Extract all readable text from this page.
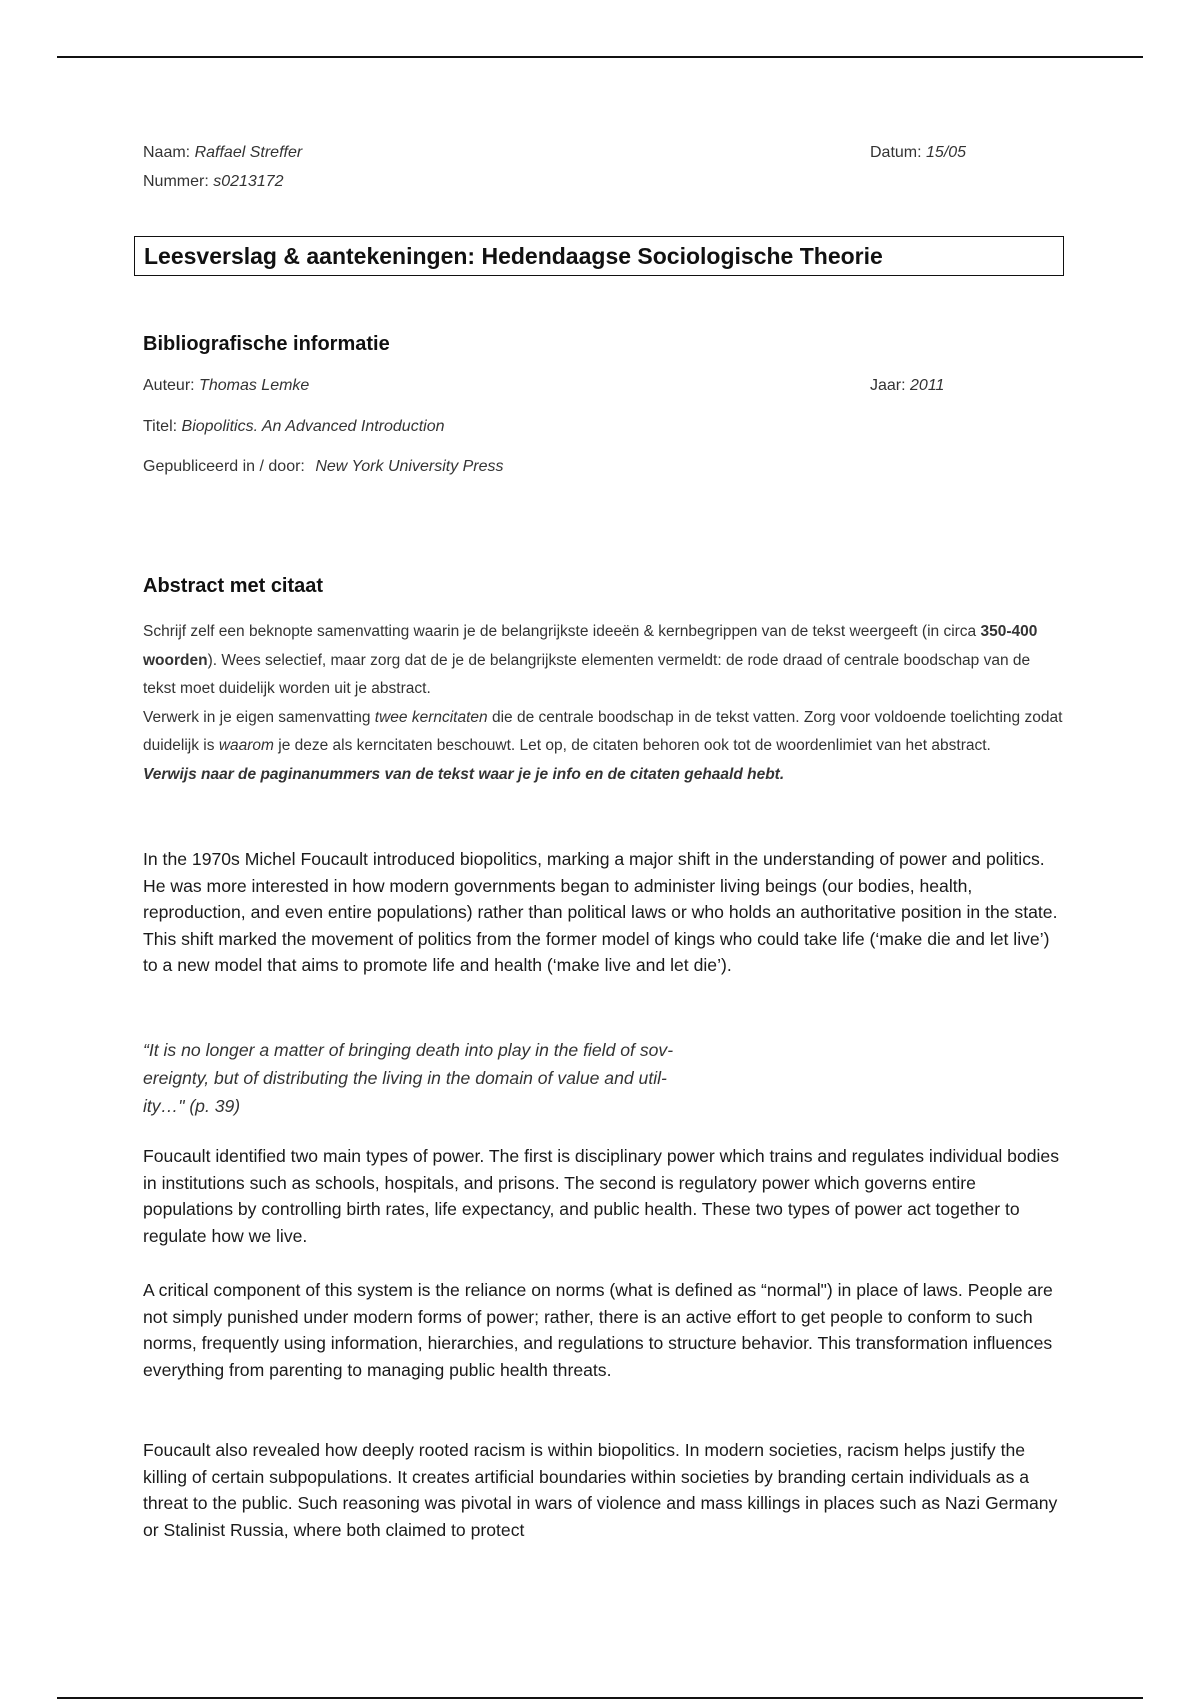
Naam: Raffael Streffer
Nummer: s0213172
Datum: 15/05
Leesverslag & aantekeningen: Hedendaagse Sociologische Theorie
Bibliografische informatie
Auteur: Thomas Lemke	Jaar: 2011
Titel: Biopolitics. An Advanced Introduction
Gepubliceerd in / door: New York University Press
Abstract met citaat

Schrijf zelf een beknopte samenvatting waarin je de belangrijkste ideeën & kernbegrippen van de tekst weergeeft (in circa 350-400 woorden). Wees selectief, maar zorg dat de je de belangrijkste elementen vermeldt: de rode draad of centrale boodschap van de tekst moet duidelijk worden uit je abstract.

Verwerk in je eigen samenvatting twee kerncitaten die de centrale boodschap in de tekst vatten. Zorg voor voldoende toelichting zodat duidelijk is waarom je deze als kerncitaten beschouwt. Let op, de citaten behoren ook tot de woordenlimiet van het abstract.

Verwijs naar de paginanummers van de tekst waar je je info en de citaten gehaald hebt.

In the 1970s Michel Foucault introduced biopolitics, marking a major shift in the understanding of power and politics. He was more interested in how modern governments began to administer living beings (our bodies, health, reproduction, and even entire populations) rather than political laws or who holds an authoritative position in the state. This shift marked the movement of politics from the former model of kings who could take life (‘make die and let live’) to a new model that aims to promote life and health (‘make live and let die’).

“It is no longer a matter of bringing death into play in the field of sov-
ereignty, but of distributing the living in the domain of value and util-
ity…" (p. 39)

Foucault identified two main types of power. The first is disciplinary power which trains and regulates individual bodies in institutions such as schools, hospitals, and prisons. The second is regulatory power which governs entire populations by controlling birth rates, life expectancy, and public health. These two types of power act together to regulate how we live.

A critical component of this system is the reliance on norms (what is defined as “normal") in place of laws. People are not simply punished under modern forms of power; rather, there is an active effort to get people to conform to such norms, frequently using information, hierarchies, and regulations to structure behavior. This transformation influences everything from parenting to managing public health threats.

Foucault also revealed how deeply rooted racism is within biopolitics. In modern societies, racism helps justify the killing of certain subpopulations. It creates artificial boundaries within societies by branding certain individuals as a threat to the public. Such reasoning was pivotal in wars of violence and mass killings in places such as Nazi Germany or Stalinist Russia, where both claimed to protect
